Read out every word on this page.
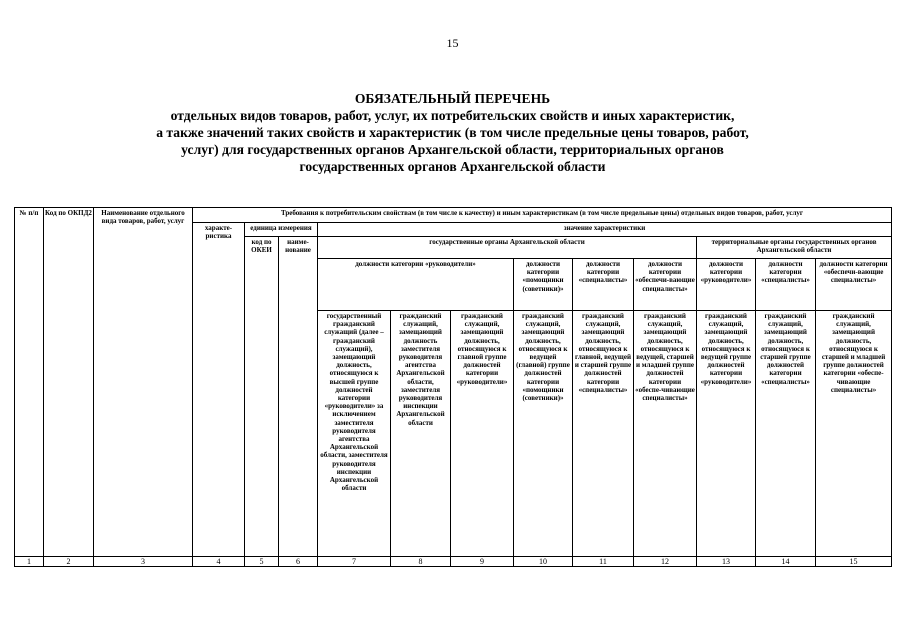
15
ОБЯЗАТЕЛЬНЫЙ ПЕРЕЧЕНЬ
отдельных видов товаров, работ, услуг, их потребительских свойств и иных характеристик,
а также значений таких свойств и характеристик (в том числе предельные цены товаров, работ,
услуг) для государственных органов Архангельской области, территориальных органов
государственных органов Архангельской области
№ п/п	Код по ОКПД2	Наименование отдельного вида товаров, работ, услуг	Требования к потребительским свойствам (в том числе к качеству) и иным характеристикам (в том числе предельные цены) отдельных видов товаров, работ, услуг											
			характе-ристика	единица измерения		значение характеристики								
				код по ОКЕИ	наиме-нование	государственные органы Архангельской области						территориальные органы государственных органов Архангельской области		
						должности категории «руководители»			должности категории «помощники (советники)»	должности категории «специалисты»	должности категории «обеспечи-вающие специалисты»	должности категории «руководители»	должности категории «специалисты»	должности категории «обеспечи-вающие специалисты»
						государственный гражданский служащий (далее – гражданский служащий), замещающий должность, относящуюся к высшей группе должностей категории «руководители» за исключением заместителя руководителя агентства Архангельской области, заместителя руководителя инспекции Архангельской области	гражданский служащий, замещающий должность заместителя руководителя агентства Архангельской области, заместителя руководителя инспекции Архангельской области	гражданский служащий, замещающий должность, относящуюся к главной группе должностей категории «руководители»	гражданский служащий, замещающий должность, относящуюся к ведущей (главной) группе должностей категории «помощники (советники)»	гражданский служащий, замещающий должность, относящуюся к главной, ведущей и старшей группе должностей категории «специалисты»	гражданский служащий, замещающий должность, относящуюся к ведущей, старшей и младшей группе должностей категории «обеспе-чивающие специалисты»	гражданский служащий, замещающий должность, относящуюся к ведущей группе должностей категории «руководители»	гражданский служащий, замещающий должность, относящуюся к старшей группе должностей категории «специалисты»	гражданский служащий, замещающий должность, относящуюся к старшей и младшей группе должностей категории «обеспе-чивающие специалисты»
1	2	3	4	5	6	7	8	9	10	11	12	13	14	15
